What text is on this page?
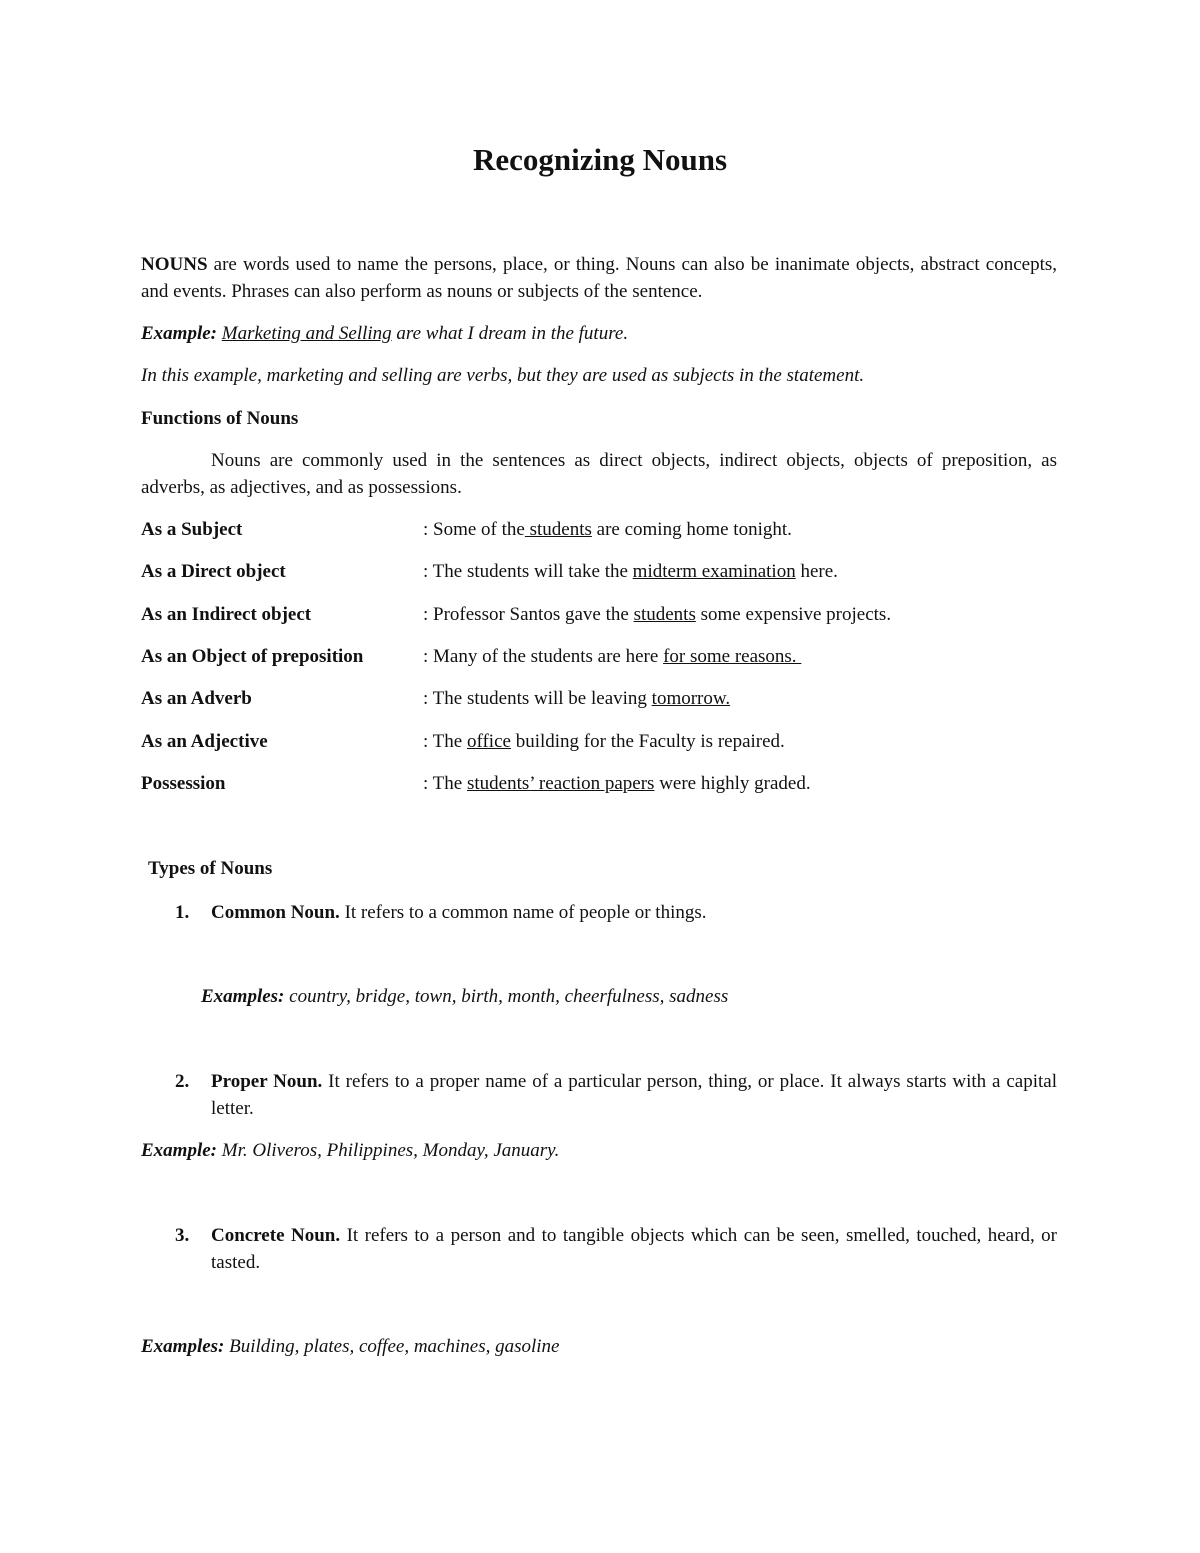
Recognizing Nouns

NOUNS are words used to name the persons, place, or thing. Nouns can also be inanimate objects, abstract concepts, and events. Phrases can also perform as nouns or subjects of the sentence.

Example: Marketing and Selling are what I dream in the future.

In this example, marketing and selling are verbs, but they are used as subjects in the statement.

Functions of Nouns

Nouns are commonly used in the sentences as direct objects, indirect objects, objects of preposition, as adverbs, as adjectives, and as possessions.

As a Subject	: Some of the students are coming home tonight.

As a Direct object	: The students will take the midterm examination here.

As an Indirect object	: Professor Santos gave the students some expensive projects.

As an Object of preposition	: Many of the students are here for some reasons.

As an Adverb	: The students will be leaving tomorrow.

As an Adjective	: The office building for the Faculty is repaired.

Possession	: The students’ reaction papers were highly graded.

Types of Nouns

1. Common Noun. It refers to a common name of people or things.

Examples: country, bridge, town, birth, month, cheerfulness, sadness

2. Proper Noun. It refers to a proper name of a particular person, thing, or place. It always starts with a capital letter.

Example: Mr. Oliveros, Philippines, Monday, January.

3. Concrete Noun. It refers to a person and to tangible objects which can be seen, smelled, touched, heard, or tasted.

Examples: Building, plates, coffee, machines, gasoline
